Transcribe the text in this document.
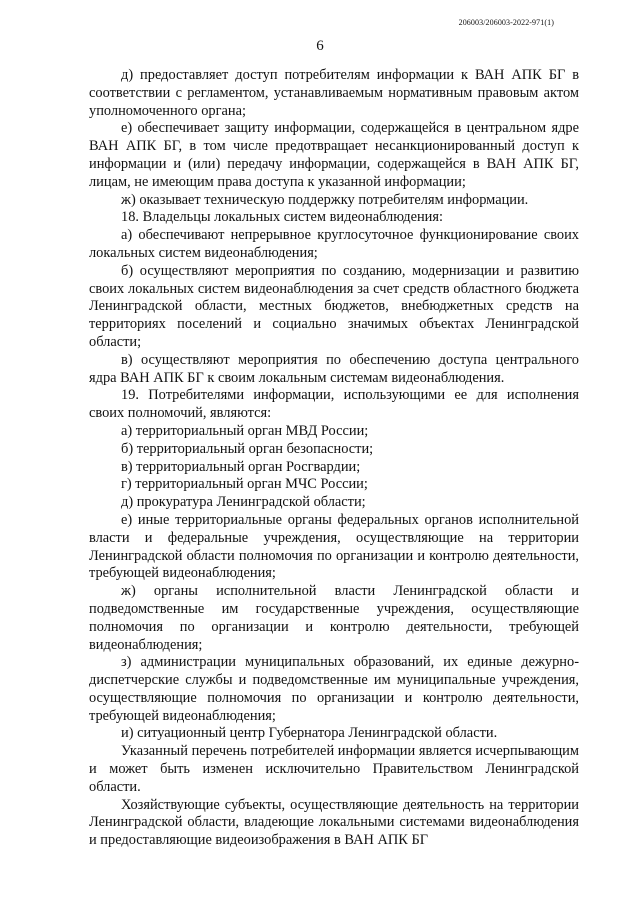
206003/206003-2022-971(1)
6

д) предоставляет доступ потребителям информации к ВАН АПК БГ в соответствии с регламентом, устанавливаемым нормативным правовым актом уполномоченного органа;

е) обеспечивает защиту информации, содержащейся в центральном ядре ВАН АПК БГ, в том числе предотвращает несанкционированный доступ к информации и (или) передачу информации, содержащейся в ВАН АПК БГ, лицам, не имеющим права доступа к указанной информации;

ж) оказывает техническую поддержку потребителям информации.

18. Владельцы локальных систем видеонаблюдения:

а) обеспечивают непрерывное круглосуточное функционирование своих локальных систем видеонаблюдения;

б) осуществляют мероприятия по созданию, модернизации и развитию своих локальных систем видеонаблюдения за счет средств областного бюджета Ленинградской области, местных бюджетов, внебюджетных средств на территориях поселений и социально значимых объектах Ленинградской области;

в) осуществляют мероприятия по обеспечению доступа центрального ядра ВАН АПК БГ к своим локальным системам видеонаблюдения.

19. Потребителями информации, использующими ее для исполнения своих полномочий, являются:

а) территориальный орган МВД России;

б) территориальный орган безопасности;

в) территориальный орган Росгвардии;

г) территориальный орган МЧС России;

д) прокуратура Ленинградской области;

е) иные территориальные органы федеральных органов исполнительной власти и федеральные учреждения, осуществляющие на территории Ленинградской области полномочия по организации и контролю деятельности, требующей видеонаблюдения;

ж) органы исполнительной власти Ленинградской области и подведомственные им государственные учреждения, осуществляющие полномочия по организации и контролю деятельности, требующей видеонаблюдения;

з) администрации муниципальных образований, их единые дежурно-диспетчерские службы и подведомственные им муниципальные учреждения, осуществляющие полномочия по организации и контролю деятельности, требующей видеонаблюдения;

и) ситуационный центр Губернатора Ленинградской области.

Указанный перечень потребителей информации является исчерпывающим и может быть изменен исключительно Правительством Ленинградской области.

Хозяйствующие субъекты, осуществляющие деятельность на территории Ленинградской области, владеющие локальными системами видеонаблюдения и предоставляющие видеоизображения в ВАН АПК БГ
